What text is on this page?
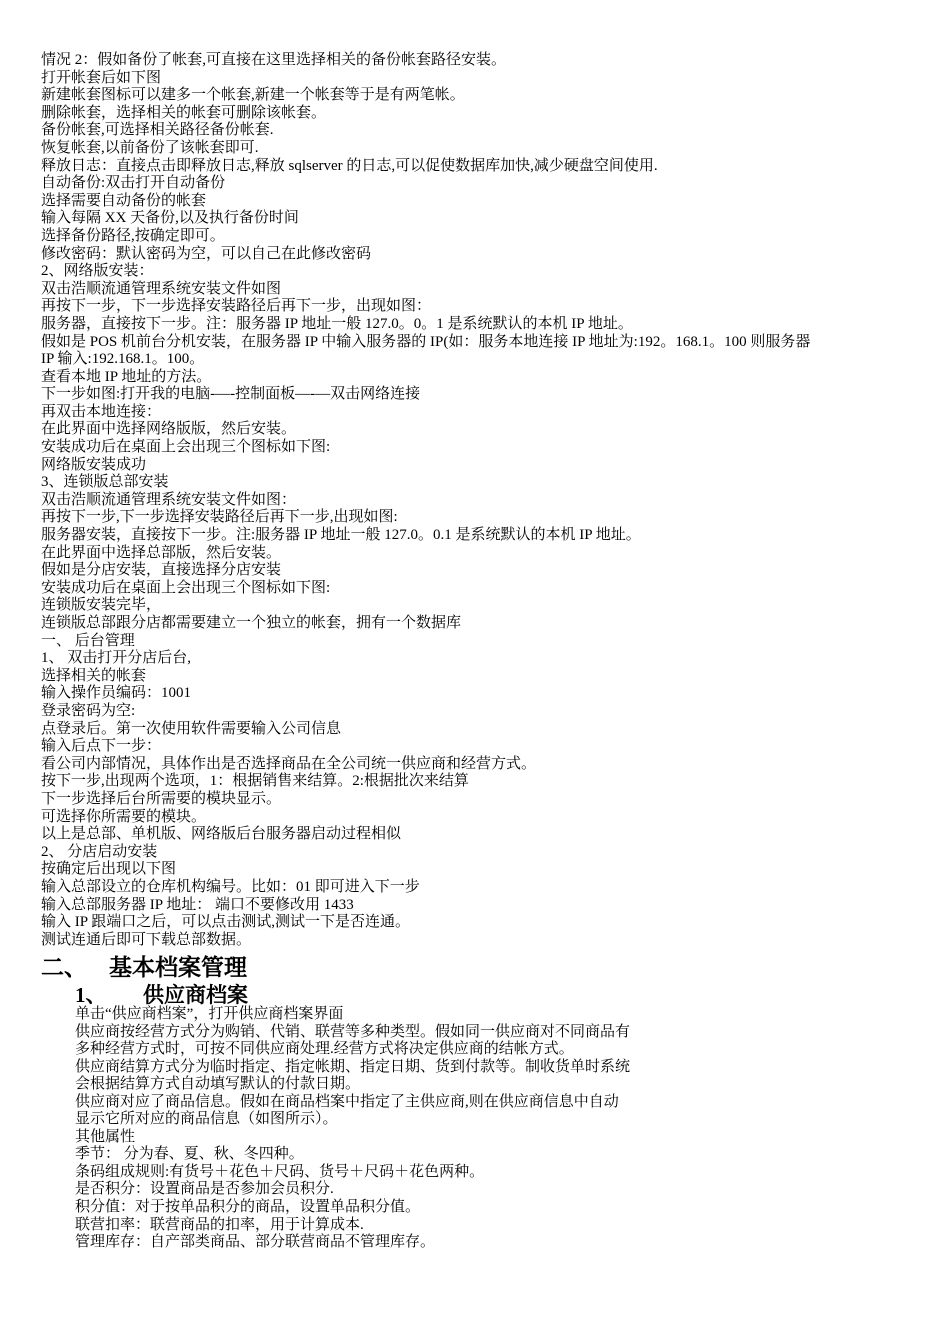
情况 2：假如备份了帐套,可直接在这里选择相关的备份帐套路径安装。

打开帐套后如下图

新建帐套图标可以建多一个帐套,新建一个帐套等于是有两笔帐。

删除帐套，选择相关的帐套可删除该帐套。

备份帐套,可选择相关路径备份帐套.

恢复帐套,以前备份了该帐套即可.

释放日志：直接点击即释放日志,释放 sqlserver 的日志,可以促使数据库加快,减少硬盘空间使用.

自动备份:双击打开自动备份

选择需要自动备份的帐套

输入每隔 XX 天备份,以及执行备份时间

选择备份路径,按确定即可。

修改密码：默认密码为空，可以自己在此修改密码

2、网络版安装：

双击浩顺流通管理系统安装文件如图

再按下一步，下一步选择安装路径后再下一步，出现如图：

服务器，直接按下一步。注：服务器 IP 地址一般 127.0。0。1 是系统默认的本机 IP 地址。

假如是 POS 机前台分机安装，在服务器 IP 中输入服务器的 IP(如：服务本地连接 IP 地址为:192。168.1。100 则服务器

IP 输入:192.168.1。100。

查看本地 IP 地址的方法。

下一步如图:打开我的电脑-—-控制面板—-—双击网络连接

再双击本地连接：

在此界面中选择网络版版，然后安装。

安装成功后在桌面上会出现三个图标如下图:

网络版安装成功

3、连锁版总部安装

双击浩顺流通管理系统安装文件如图：

再按下一步,下一步选择安装路径后再下一步,出现如图:

服务器安装，直接按下一步。注:服务器 IP 地址一般 127.0。0.1 是系统默认的本机 IP 地址。

在此界面中选择总部版，然后安装。

假如是分店安装，直接选择分店安装

安装成功后在桌面上会出现三个图标如下图:

连锁版安装完毕，

连锁版总部跟分店都需要建立一个独立的帐套，拥有一个数据库

一、 后台管理

1、 双击打开分店后台,

选择相关的帐套

输入操作员编码：1001

登录密码为空:

点登录后。第一次使用软件需要输入公司信息

输入后点下一步：

看公司内部情况，具体作出是否选择商品在全公司统一供应商和经营方式。

按下一步,出现两个选项，1：根据销售来结算。2:根据批次来结算

下一步选择后台所需要的模块显示。

可选择你所需要的模块。

以上是总部、单机版、网络版后台服务器启动过程相似

2、 分店启动安装

按确定后出现以下图

输入总部设立的仓库机构编号。比如：01 即可进入下一步

输入总部服务器 IP 地址： 端口不要修改用 1433

输入 IP 跟端口之后，可以点击测试,测试一下是否连通。

测试连通后即可下载总部数据。

二、 基本档案管理
1、 供应商档案

单击“供应商档案”，打开供应商档案界面

供应商按经营方式分为购销、代销、联营等多种类型。假如同一供应商对不同商品有

多种经营方式时，可按不同供应商处理.经营方式将决定供应商的结帐方式。

供应商结算方式分为临时指定、指定帐期、指定日期、货到付款等。制收货单时系统

会根据结算方式自动填写默认的付款日期。

供应商对应了商品信息。假如在商品档案中指定了主供应商,则在供应商信息中自动

显示它所对应的商品信息（如图所示）。

其他属性

季节： 分为春、夏、秋、冬四种。

条码组成规则:有货号＋花色＋尺码、货号＋尺码＋花色两种。

是否积分：设置商品是否参加会员积分.

积分值：对于按单品积分的商品，设置单品积分值。

联营扣率：联营商品的扣率，用于计算成本.

管理库存：自产部类商品、部分联营商品不管理库存。
